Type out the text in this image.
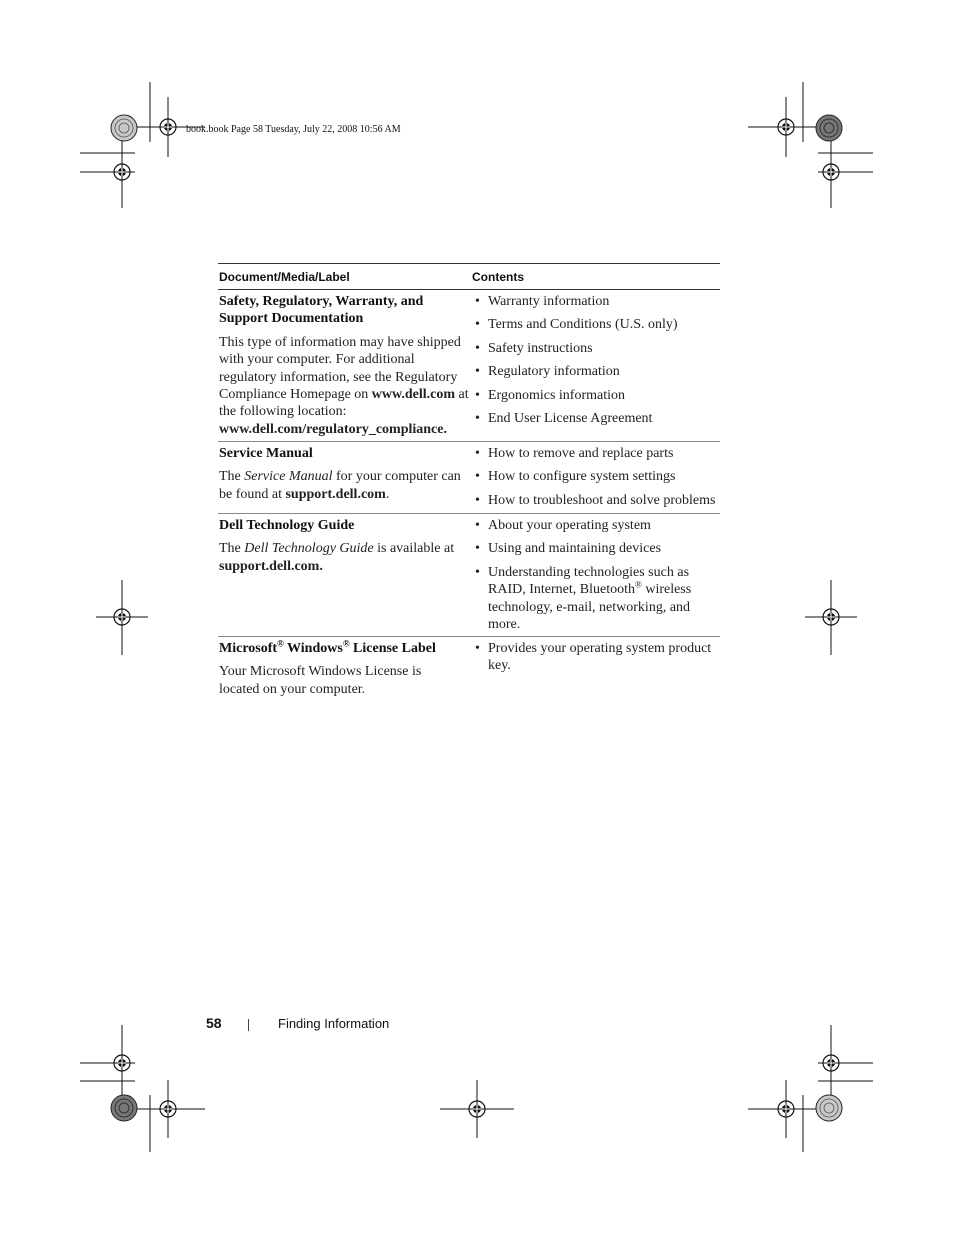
book.book Page 58 Tuesday, July 22, 2008 10:56 AM
Document/Media/Label	Contents
Safety, Regulatory, Warranty, and Support Documentation
This type of information may have shipped with your computer. For additional regulatory information, see the Regulatory Compliance Homepage on www.dell.com at the following location: www.dell.com/regulatory_compliance.
• Warranty information
• Terms and Conditions (U.S. only)
• Safety instructions
• Regulatory information
• Ergonomics information
• End User License Agreement
Service Manual
The Service Manual for your computer can be found at support.dell.com.
• How to remove and replace parts
• How to configure system settings
• How to troubleshoot and solve problems
Dell Technology Guide
The Dell Technology Guide is available at support.dell.com.
• About your operating system
• Using and maintaining devices
• Understanding technologies such as RAID, Internet, Bluetooth® wireless technology, e-mail, networking, and more.
Microsoft® Windows® License Label
Your Microsoft Windows License is located on your computer.
• Provides your operating system product key.
58	Finding Information
